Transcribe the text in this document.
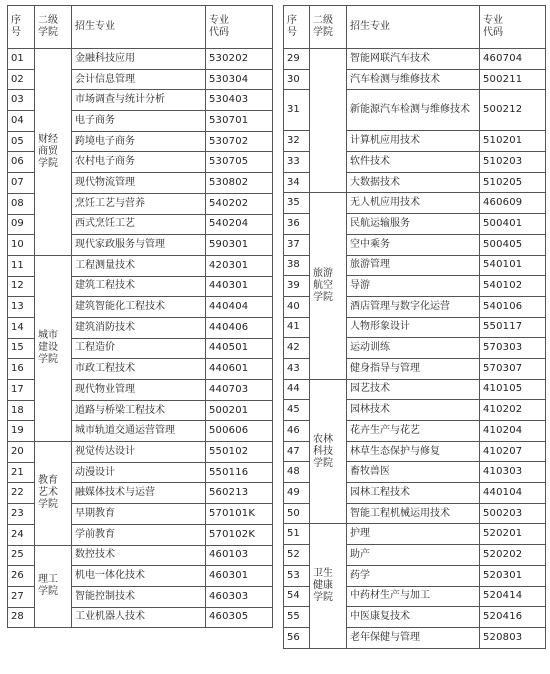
序
号	二级
学院	招生专业	专业
代码

01	财经
商贸
学院	金融科技应用	530202
02		会计信息管理	530304
03		市场调查与统计分析	530403
04		电子商务	530701
05		跨境电子商务	530702
06		农村电子商务	530705
07		现代物流管理	530802
08		烹饪工艺与营养	540202
09		西式烹饪工艺	540204
10		现代家政服务与管理	590301
11	城市
建设
学院	工程测量技术	420301
12		建筑工程技术	440301
13		建筑智能化工程技术	440404
14		建筑消防技术	440406
15		工程造价	440501
16		市政工程技术	440601
17		现代物业管理	440703
18		道路与桥梁工程技术	500201
19		城市轨道交通运营管理	500606
20	教育
艺术
学院	视觉传达设计	550102
21		动漫设计	550116
22		融媒体技术与运营	560213
23		早期教育	570101K
24		学前教育	570102K
25	理工
学院	数控技术	460103
26		机电一体化技术	460301
27		智能控制技术	460303
28		工业机器人技术	460305
序
号	二级
学院	招生专业	专业
代码

29		智能网联汽车技术	460704
30		汽车检测与维修技术	500211
31		新能源汽车检测与维修技术	500212
32		计算机应用技术	510201
33		软件技术	510203
34		大数据技术	510205
35	旅游
航空
学院	无人机应用技术	460609
36		民航运输服务	500401
37		空中乘务	500405
38		旅游管理	540101
39		导游	540102
40		酒店管理与数字化运营	540106
41		人物形象设计	550117
42		运动训练	570303
43		健身指导与管理	570307
44	农林
科技
学院	园艺技术	410105
45		园林技术	410202
46		花卉生产与花艺	410204
47		林草生态保护与修复	410207
48		畜牧兽医	410303
49		园林工程技术	440104
50		智能工程机械运用技术	500203
51	卫生
健康
学院	护理	520201
52		助产	520202
53		药学	520301
54		中药材生产与加工	520414
55		中医康复技术	520416
56		老年保健与管理	520803
